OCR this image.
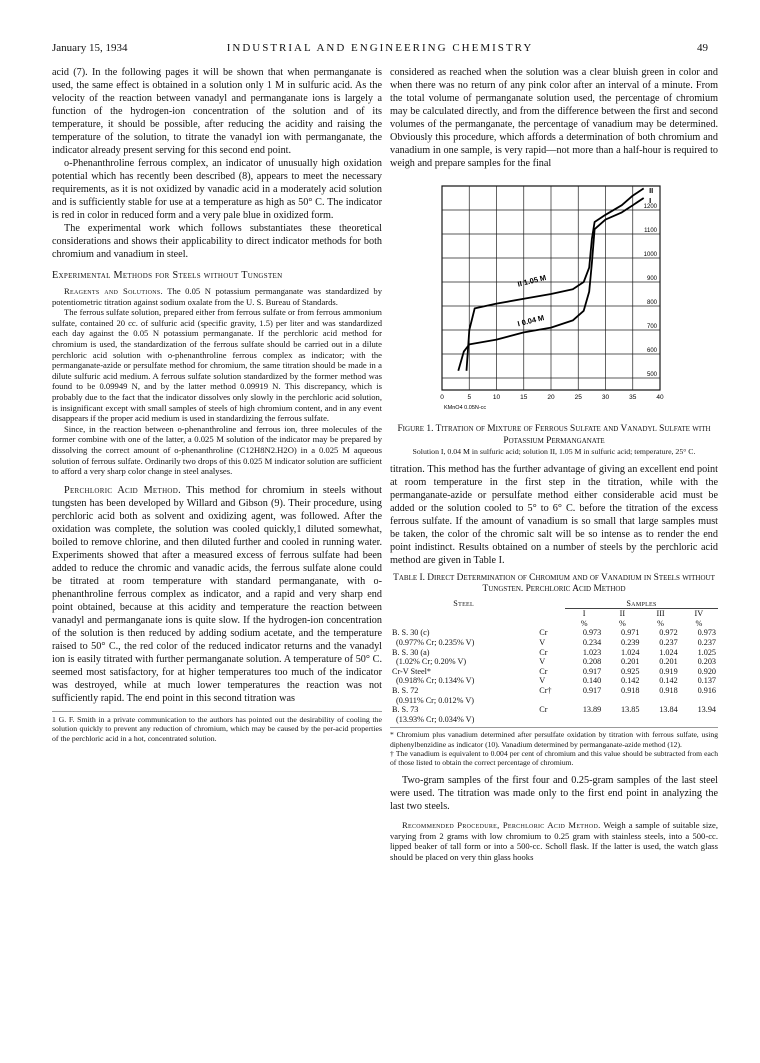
January 15, 1934	INDUSTRIAL AND ENGINEERING CHEMISTRY	49

acid (7). In the following pages it will be shown that when permanganate is used, the same effect is obtained in a solution only 1 M in sulfuric acid. As the velocity of the reaction between vanadyl and permanganate ions is largely a function of the hydrogen-ion concentration of the solution and of its temperature, it should be possible, after reducing the acidity and raising the temperature of the solution, to titrate the vanadyl ion with permanganate, the indicator already present serving for this second end point.

o-Phenanthroline ferrous complex, an indicator of unusually high oxidation potential which has recently been described (8), appears to meet the necessary requirements, as it is not oxidized by vanadic acid in a moderately acid solution and is sufficiently stable for use at a temperature as high as 50° C. The indicator is red in color in reduced form and a very pale blue in oxidized form.

The experimental work which follows substantiates these theoretical considerations and shows their applicability to direct indicator methods for both chromium and vanadium in steel.

Experimental Methods for Steels without Tungsten

Reagents and Solutions. The 0.05 N potassium permanganate was standardized by potentiometric titration against sodium oxalate from the U. S. Bureau of Standards.

The ferrous sulfate solution, prepared either from ferrous sulfate or from ferrous ammonium sulfate, contained 20 cc. of sulfuric acid (specific gravity, 1.5) per liter and was standardized each day against the 0.05 N potassium permanganate. If the perchloric acid method for chromium is used, the standardization of the ferrous sulfate should be carried out in a dilute perchloric acid solution with o-phenanthroline ferrous complex as indicator; with the permanganate-azide or persulfate method for chromium, the same titration should be made in a dilute sulfuric acid medium. A ferrous sulfate solution standardized by the former method was found to be 0.09949 N, and by the latter method 0.09919 N. This discrepancy, which is probably due to the fact that the indicator dissolves only slowly in the perchloric acid solution, is insignificant except with small samples of steels of high chromium content, and in any event disappears if the proper acid medium is used in standardizing the ferrous sulfate.

Since, in the reaction between o-phenanthroline and ferrous ion, three molecules of the former combine with one of the latter, a 0.025 M solution of the indicator may be prepared by dissolving the correct amount of o-phenanthroline (C12H8N2.H2O) in a 0.025 M aqueous solution of ferrous sulfate. Ordinarily two drops of this 0.025 M indicator solution are sufficient to afford a very sharp color change in steel analyses.

Perchloric Acid Method. This method for chromium in steels without tungsten has been developed by Willard and Gibson (9). Their procedure, using perchloric acid both as solvent and oxidizing agent, was followed. After the oxidation was complete, the solution was cooled quickly,1 diluted somewhat, boiled to remove chlorine, and then diluted further and cooled in running water. Experiments showed that after a measured excess of ferrous sulfate had been added to reduce the chromic and vanadic acids, the ferrous sulfate alone could be titrated at room temperature with standard permanganate, with o-phenanthroline ferrous complex as indicator, and a rapid and very sharp end point obtained, because at this acidity and temperature the reaction between vanadyl and permanganate ions is quite slow. If the hydrogen-ion concentration of the solution is then reduced by adding sodium acetate, and the temperature raised to 50° C., the red color of the reduced indicator returns and the vanadyl ion is easily titrated with further permanganate solution. A temperature of 50° C. seemed most satisfactory, for at higher temperatures too much of the indicator was destroyed, while at much lower temperatures the reaction was not sufficiently rapid. The end point in this second titration was

1 G. F. Smith in a private communication to the authors has pointed out the desirability of cooling the solution quickly to prevent any reduction of chromium, which may be caused by the per-acid properties of the perchloric acid in a hot, concentrated solution.

considered as reached when the solution was a clear bluish green in color and when there was no return of any pink color after an interval of a minute. From the total volume of permanganate solution used, the percentage of chromium may be calculated directly, and from the difference between the first and second volumes of the permanganate, the percentage of vanadium may be determined. Obviously this procedure, which affords a determination of both chromium and vanadium in one sample, is very rapid—not more than a half-hour is required to weigh and prepare samples for the final

0	5	10	15	20	25	30	35	40
500
600
700
800
900
1000
1100
1200
KMnO4 0.05N-cc
II 1.05 M
I 0.04 M
I
II
Figure 1. Titration of Mixture of Ferrous Sulfate and Vanadyl Sulfate with Potassium Permanganate
Solution I, 0.04 M in sulfuric acid; solution II, 1.05 M in sulfuric acid; temperature, 25° C.

titration. This method has the further advantage of giving an excellent end point at room temperature in the first step in the titration, while with the permanganate-azide or persulfate method either considerable acid must be added or the solution cooled to 5° to 6° C. before the titration of the excess ferrous sulfate. If the amount of vanadium is so small that large samples must be taken, the color of the chromic salt will be so intense as to render the end point indistinct. Results obtained on a number of steels by the perchloric acid method are given in Table I.

Table I. Direct Determination of Chromium and of Vanadium in Steels without Tungsten. Perchloric Acid Method
Steel		Samples			
		I	II	III	IV
		%	%	%	%
B. S. 30 (c)	Cr	0.973	0.971	0.972	0.973
(0.977% Cr; 0.235% V)	V	0.234	0.239	0.237	0.237
B. S. 30 (a)	Cr	1.023	1.024	1.024	1.025
(1.02% Cr; 0.20% V)	V	0.208	0.201	0.201	0.203
Cr-V Steel*	Cr	0.917	0.925	0.919	0.920
(0.918% Cr; 0.134% V)	V	0.140	0.142	0.142	0.137
B. S. 72	Cr†	0.917	0.918	0.918	0.916
(0.911% Cr; 0.012% V)					
B. S. 73	Cr	13.89	13.85	13.84	13.94
(13.93% Cr; 0.034% V)					
* Chromium plus vanadium determined after persulfate oxidation by titration with ferrous sulfate, using diphenylbenzidine as indicator (10). Vanadium determined by permanganate-azide method (12).
† The vanadium is equivalent to 0.004 per cent of chromium and this value should be subtracted from each of those listed to obtain the correct percentage of chromium.

Two-gram samples of the first four and 0.25-gram samples of the last steel were used. The titration was made only to the first end point in analyzing the last two steels.

Recommended Procedure, Perchloric Acid Method. Weigh a sample of suitable size, varying from 2 grams with low chromium to 0.25 gram with stainless steels, into a 500-cc. lipped beaker of tall form or into a 500-cc. Scholl flask. If the latter is used, the watch glass should be placed on very thin glass hooks
